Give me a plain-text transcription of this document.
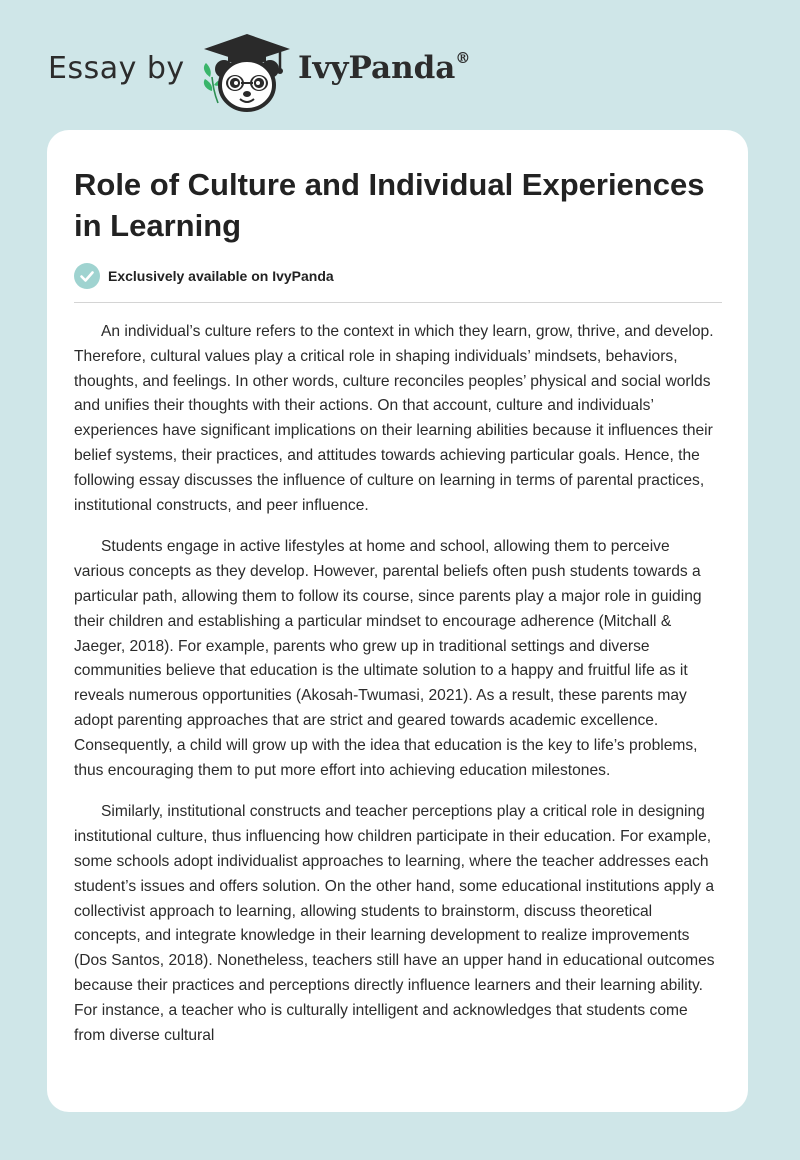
Essay by	IvyPanda®
Role of Culture and Individual Experiences in Learning
Exclusively available on IvyPanda

An individual’s culture refers to the context in which they learn, grow, thrive, and develop. Therefore, cultural values play a critical role in shaping individuals’ mindsets, behaviors, thoughts, and feelings. In other words, culture reconciles peoples’ physical and social worlds and unifies their thoughts with their actions. On that account, culture and individuals’ experiences have significant implications on their learning abilities because it influences their belief systems, their practices, and attitudes towards achieving particular goals. Hence, the following essay discusses the influence of culture on learning in terms of parental practices, institutional constructs, and peer influence.

Students engage in active lifestyles at home and school, allowing them to perceive various concepts as they develop. However, parental beliefs often push students towards a particular path, allowing them to follow its course, since parents play a major role in guiding their children and establishing a particular mindset to encourage adherence (Mitchall & Jaeger, 2018). For example, parents who grew up in traditional settings and diverse communities believe that education is the ultimate solution to a happy and fruitful life as it reveals numerous opportunities (Akosah-Twumasi, 2021). As a result, these parents may adopt parenting approaches that are strict and geared towards academic excellence. Consequently, a child will grow up with the idea that education is the key to life’s problems, thus encouraging them to put more effort into achieving education milestones.

Similarly, institutional constructs and teacher perceptions play a critical role in designing institutional culture, thus influencing how children participate in their education. For example, some schools adopt individualist approaches to learning, where the teacher addresses each student’s issues and offers solution. On the other hand, some educational institutions apply a collectivist approach to learning, allowing students to brainstorm, discuss theoretical concepts, and integrate knowledge in their learning development to realize improvements (Dos Santos, 2018). Nonetheless, teachers still have an upper hand in educational outcomes because their practices and perceptions directly influence learners and their learning ability. For instance, a teacher who is culturally intelligent and acknowledges that students come from diverse cultural
